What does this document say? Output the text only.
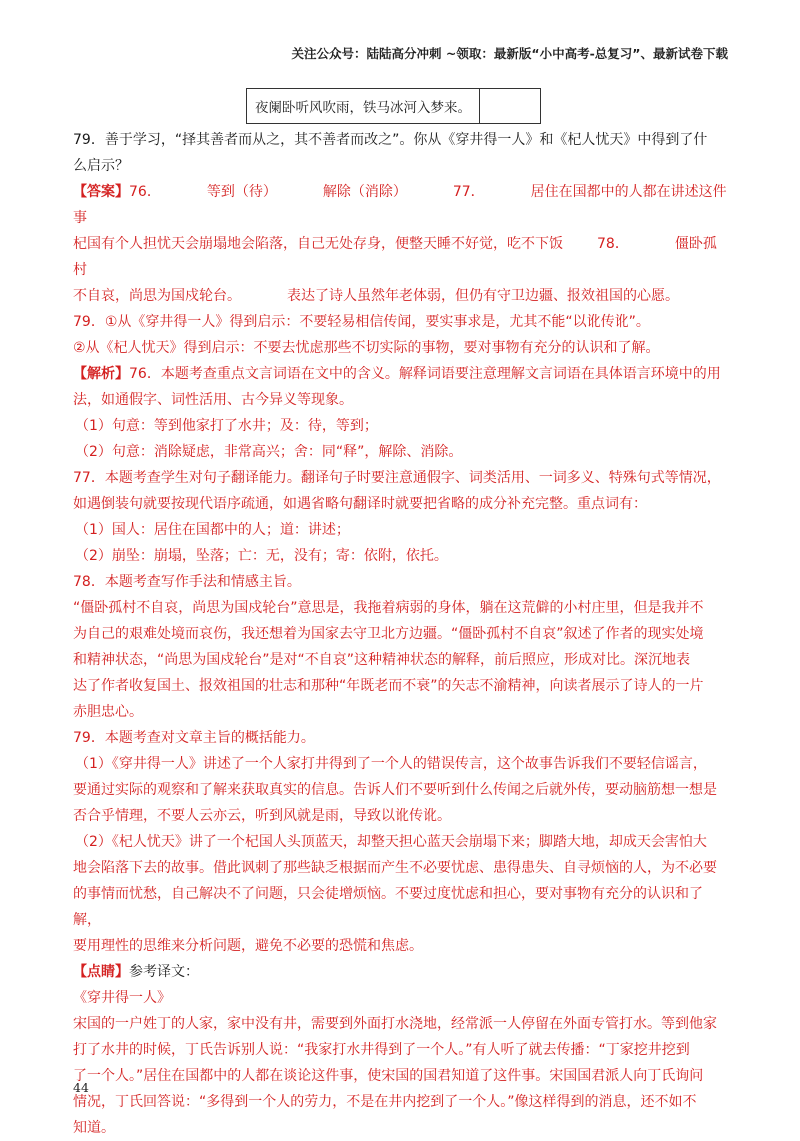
关注公众号：陆陆高分冲刺 ~领取：最新版“小中高考-总复习”、最新试卷下载
夜阑卧听风吹雨，铁马冰河入梦来。	

79．善于学习，“择其善者而从之，其不善者而改之”。你从《穿井得一人》和《杞人忧天》中得到了什

么启示？

【答案】76．	等到（待）	解除（消除）	77．	居住在国都中的人都在讲述这件事

杞国有个人担忧天会崩塌地会陷落，自己无处存身，便整天睡不好觉，吃不下饭 78．	僵卧孤村

不自哀，尚思为国戍轮台。	表达了诗人虽然年老体弱，但仍有守卫边疆、报效祖国的心愿。

79．①从《穿井得一人》得到启示：不要轻易相信传闻，要实事求是，尤其不能“以讹传讹”。

②从《杞人忧天》得到启示：不要去忧虑那些不切实际的事物，要对事物有充分的认识和了解。

【解析】76．本题考查重点文言词语在文中的含义。解释词语要注意理解文言词语在具体语言环境中的用

法，如通假字、词性活用、古今异义等现象。

（1）句意：等到他家打了水井；及：待，等到；

（2）句意：消除疑虑，非常高兴；舍：同“释”，解除、消除。

77．本题考查学生对句子翻译能力。翻译句子时要注意通假字、词类活用、一词多义、特殊句式等情况，

如遇倒装句就要按现代语序疏通，如遇省略句翻译时就要把省略的成分补充完整。重点词有：

（1）国人：居住在国都中的人；道：讲述；

（2）崩坠：崩塌，坠落；亡：无，没有；寄：依附，依托。

78．本题考查写作手法和情感主旨。

“僵卧孤村不自哀，尚思为国戍轮台”意思是，我拖着病弱的身体，躺在这荒僻的小村庄里，但是我并不

为自己的艰难处境而哀伤，我还想着为国家去守卫北方边疆。“僵卧孤村不自哀”叙述了作者的现实处境

和精神状态，“尚思为国戍轮台”是对“不自哀”这种精神状态的解释，前后照应，形成对比。深沉地表

达了作者收复国土、报效祖国的壮志和那种“年既老而不衰”的矢志不渝精神，向读者展示了诗人的一片

赤胆忠心。

79．本题考查对文章主旨的概括能力。

（1）《穿井得一人》讲述了一个人家打井得到了一个人的错误传言，这个故事告诉我们不要轻信谣言，

要通过实际的观察和了解来获取真实的信息。告诉人们不要听到什么传闻之后就外传，要动脑筋想一想是

否合乎情理，不要人云亦云，听到风就是雨，导致以讹传讹。

（2）《杞人忧天》讲了一个杞国人头顶蓝天，却整天担心蓝天会崩塌下来；脚踏大地，却成天会害怕大

地会陷落下去的故事。借此讽刺了那些缺乏根据而产生不必要忧虑、患得患失、自寻烦恼的人，为不必要

的事情而忧愁，自己解决不了问题，只会徒增烦恼。不要过度忧虑和担心，要对事物有充分的认识和了解，

要用理性的思维来分析问题，避免不必要的恐慌和焦虑。

【点睛】参考译文：

《穿井得一人》

宋国的一户姓丁的人家，家中没有井，需要到外面打水浇地，经常派一人停留在外面专管打水。等到他家

打了水井的时候，丁氏告诉别人说：“我家打水井得到了一个人。”有人听了就去传播：“丁家挖井挖到

了一个人。”居住在国都中的人都在谈论这件事，使宋国的国君知道了这件事。宋国国君派人向丁氏询问

情况，丁氏回答说：“多得到一个人的劳力，不是在井内挖到了一个人。”像这样得到的消息，还不如不

知道。

44
